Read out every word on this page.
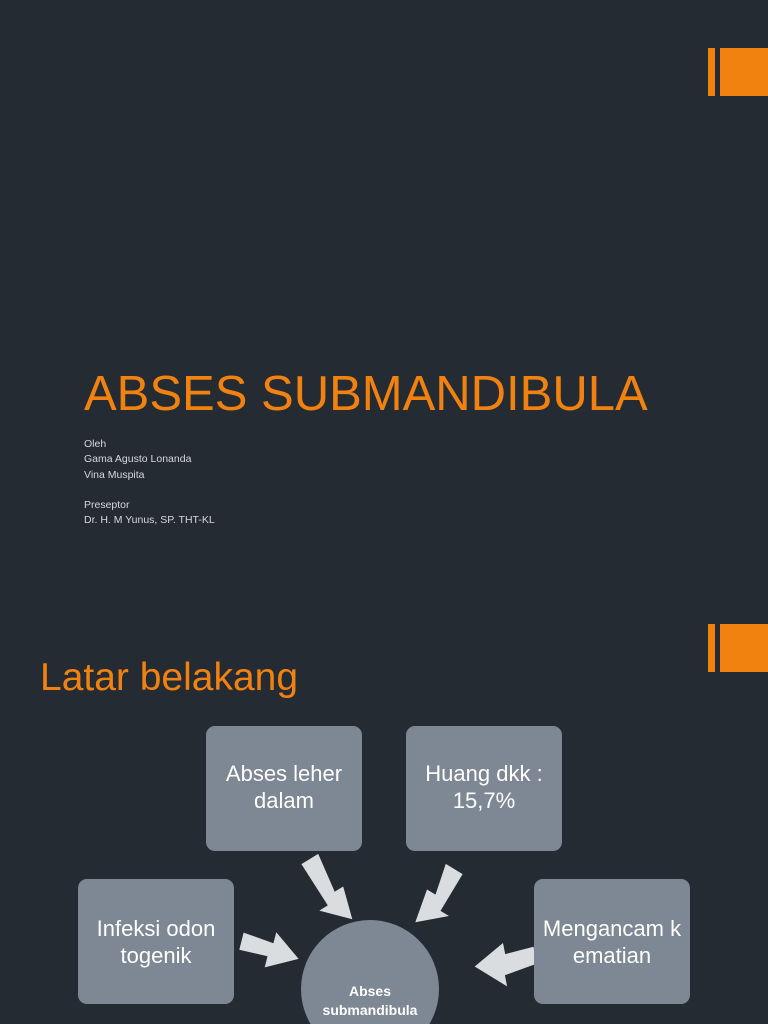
ABSES SUBMANDIBULA
Oleh
Gama Agusto Lonanda
Vina Muspita
Preseptor
Dr. H. M Yunus, SP. THT-KL
Latar belakang
Abses leher dalam
Huang dkk : 15,7%
Infeksi odontogenik
Mengancam kematian
Abses submandibula
